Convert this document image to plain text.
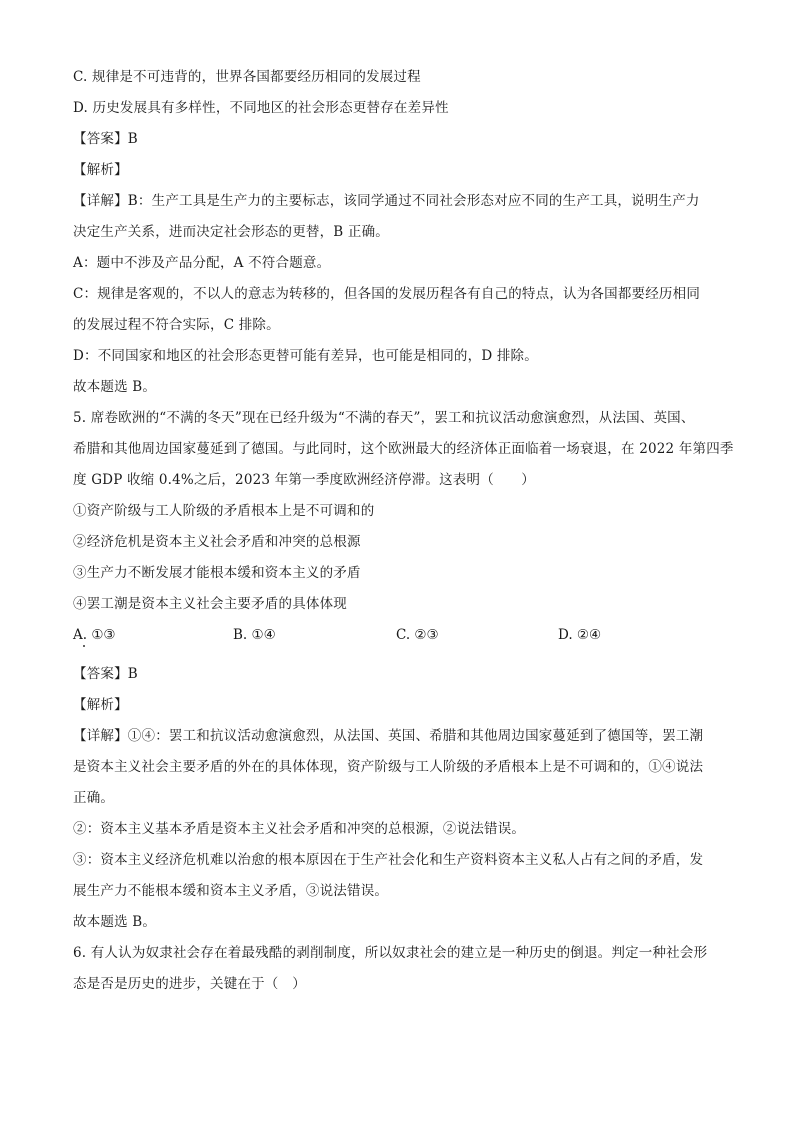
C. 规律是不可违背的，世界各国都要经历相同的发展过程
D. 历史发展具有多样性，不同地区的社会形态更替存在差异性
【答案】B
【解析】
【详解】B：生产工具是生产力的主要标志，该同学通过不同社会形态对应不同的生产工具，说明生产力
决定生产关系，进而决定社会形态的更替，B 正确。
A：题中不涉及产品分配，A 不符合题意。
C：规律是客观的，不以人的意志为转移的，但各国的发展历程各有自己的特点，认为各国都要经历相同
的发展过程不符合实际，C 排除。
D：不同国家和地区的社会形态更替可能有差异，也可能是相同的，D 排除。
故本题选 B。
5. 席卷欧洲的“不满的冬天”现在已经升级为“不满的春天”，罢工和抗议活动愈演愈烈，从法国、英国、
希腊和其他周边国家蔓延到了德国。与此同时，这个欧洲最大的经济体正面临着一场衰退，在 2022 年第四季
度 GDP 收缩 0.4%之后，2023 年第一季度欧洲经济停滞。这表明（　　）
①资产阶级与工人阶级的矛盾根本上是不可调和的
②经济危机是资本主义社会矛盾和冲突的总根源
③生产力不断发展才能根本缓和资本主义的矛盾
④罢工潮是资本主义社会主要矛盾的具体体现
A. ①③	B. ①④	C. ②③	D. ②④
【答案】B
【解析】
【详解】①④：罢工和抗议活动愈演愈烈，从法国、英国、希腊和其他周边国家蔓延到了德国等，罢工潮
是资本主义社会主要矛盾的外在的具体体现，资产阶级与工人阶级的矛盾根本上是不可调和的，①④说法
正确。
②：资本主义基本矛盾是资本主义社会矛盾和冲突的总根源，②说法错误。
③：资本主义经济危机难以治愈的根本原因在于生产社会化和生产资料资本主义私人占有之间的矛盾，发
展生产力不能根本缓和资本主义矛盾，③说法错误。
故本题选 B。
6. 有人认为奴隶社会存在着最残酷的剥削制度，所以奴隶社会的建立是一种历史的倒退。判定一种社会形
态是否是历史的进步，关键在于（　）
